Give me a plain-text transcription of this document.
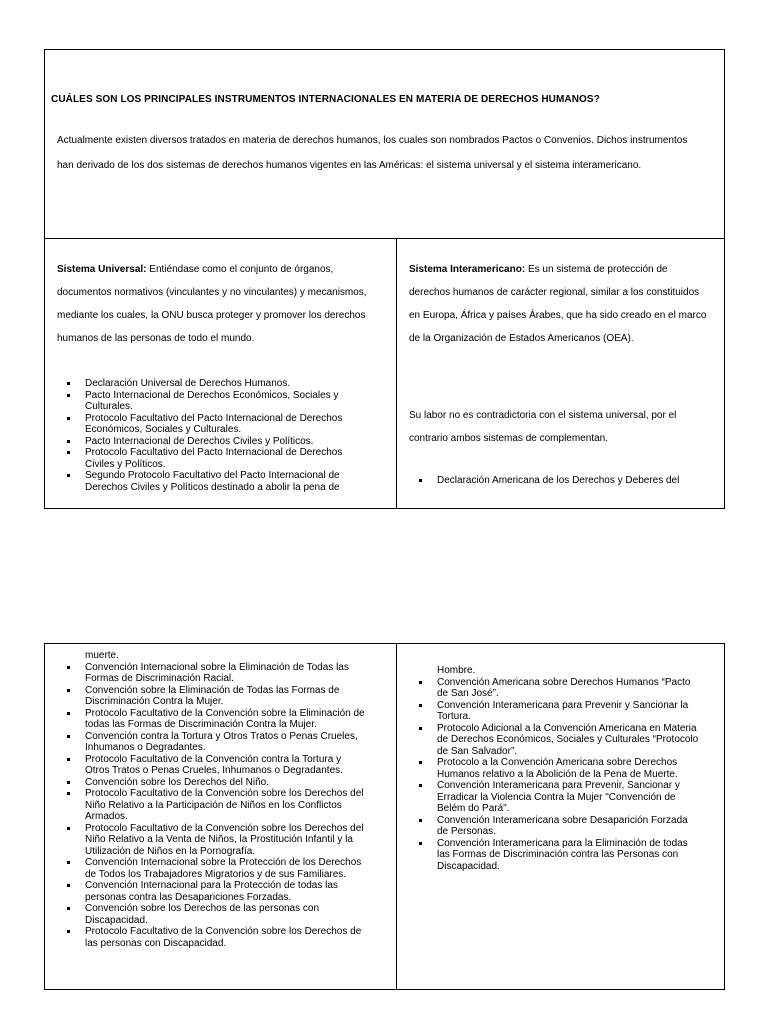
CUÁLES SON LOS PRINCIPALES INSTRUMENTOS INTERNACIONALES EN MATERIA DE DERECHOS HUMANOS?
Actualmente existen diversos tratados en materia de derechos humanos, los cuales son nombrados Pactos o Convenios. Dichos instrumentos han derivado de los dos sistemas de derechos humanos vigentes en las Américas: el sistema universal y el sistema interamericano.
Sistema Universal: Entiéndase como el conjunto de órganos, documentos normativos (vinculantes y no vinculantes) y mecanismos, mediante los cuales, la ONU busca proteger y promover los derechos humanos de las personas de todo el mundo.
Declaración Universal de Derechos Humanos.
Pacto Internacional de Derechos Económicos, Sociales y Culturales.
Protocolo Facultativo del Pacto Internacional de Derechos Económicos, Sociales y Culturales.
Pacto Internacional de Derechos Civiles y Políticos.
Protocolo Facultativo del Pacto Internacional de Derechos Civiles y Políticos.
Segundo Protocolo Facultativo del Pacto Internacional de Derechos Civiles y Políticos destinado a abolir la pena de
Sistema Interamericano: Es un sistema de protección de derechos humanos de carácter regional, similar a los constituidos en Europa, África y países Árabes, que ha sido creado en el marco de la Organización de Estados Americanos (OEA).
Su labor no es contradictoria con el sistema universal, por el contrario ambos sistemas de complementan.
Declaración Americana de los Derechos y Deberes del
muerte.
Convención Internacional sobre la Eliminación de Todas las Formas de Discriminación Racial.
Convención sobre la Eliminación de Todas las Formas de Discriminación Contra la Mujer.
Protocolo Facultativo de la Convención sobre la Eliminación de todas las Formas de Discriminación Contra la Mujer.
Convención contra la Tortura y Otros Tratos o Penas Crueles, Inhumanos o Degradantes.
Protocolo Facultativo de la Convención contra la Tortura y Otros Tratos o Penas Crueles, Inhumanos o Degradantes.
Convención sobre los Derechos del Niño.
Protocolo Facultativo de la Convención sobre los Derechos del Niño Relativo a la Participación de Niños en los Conflictos Armados.
Protocolo Facultativo de la Convención sobre los Derechos del Niño Relativo a la Venta de Niños, la Prostitución Infantil y la Utilización de Niños en la Pornografía.
Convención Internacional sobre la Protección de los Derechos de Todos los Trabajadores Migratorios y de sus Familiares.
Convención Internacional para la Protección de todas las personas contra las Desapariciones Forzadas.
Convención sobre los Derechos de las personas con Discapacidad.
Protocolo Facultativo de la Convención sobre los Derechos de las personas con Discapacidad.
Hombre.
Convención Americana sobre Derechos Humanos “Pacto de San José”.
Convención Interamericana para Prevenir y Sancionar la Tortura.
Protocolo Adicional a la Convención Americana en Materia de Derechos Económicos, Sociales y Culturales “Protocolo de San Salvador”.
Protocolo a la Convención Americana sobre Derechos Humanos relativo a la Abolición de la Pena de Muerte.
Convención Interamericana para Prevenir, Sancionar y Erradicar la Violencia Contra la Mujer "Convención de Belém do Pará".
Convención Interamericana sobre Desaparición Forzada de Personas.
Convención Interamericana para la Eliminación de todas las Formas de Discriminación contra las Personas con Discapacidad.
